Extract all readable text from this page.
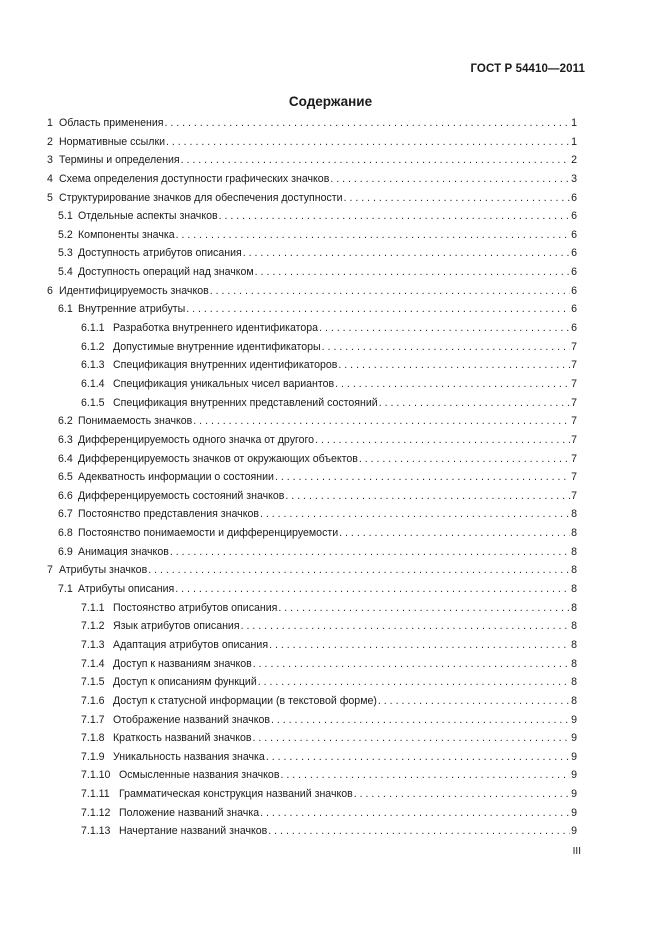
ГОСТ Р 54410—2011
Содержание
1 Область применения . . .	1
2 Нормативные ссылки . . .	1
3 Термины и определения . . .	2
4 Схема определения доступности графических значков . . .	3
5 Структурирование значков для обеспечения доступности . . .	6
5.1 Отдельные аспекты значков . . .	6
5.2 Компоненты значка . . .	6
5.3 Доступность атрибутов описания . . .	6
5.4 Доступность операций над значком . . .	6
6 Идентифицируемость значков . . .	6
6.1 Внутренние атрибуты . . .	6
6.1.1 Разработка внутреннего идентификатора . . .	6
6.1.2 Допустимые внутренние идентификаторы . . .	7
6.1.3 Спецификация внутренних идентификаторов . . .	7
6.1.4 Спецификация уникальных чисел вариантов . . .	7
6.1.5 Спецификация внутренних представлений состояний . . .	7
6.2 Понимаемость значков . . .	7
6.3 Дифференцируемость одного значка от другого . . .	7
6.4 Дифференцируемость значков от окружающих объектов . . .	7
6.5 Адекватность информации о состоянии . . .	7
6.6 Дифференцируемость состояний значков . . .	7
6.7 Постоянство представления значков . . .	8
6.8 Постоянство понимаемости и дифференцируемости . . .	8
6.9 Анимация значков . . .	8
7 Атрибуты значков . . .	8
7.1 Атрибуты описания . . .	8
7.1.1 Постоянство атрибутов описания . . .	8
7.1.2 Язык атрибутов описания . . .	8
7.1.3 Адаптация атрибутов описания . . .	8
7.1.4 Доступ к названиям значков . . .	8
7.1.5 Доступ к описаниям функций . . .	8
7.1.6 Доступ к статусной информации (в текстовой форме) . . .	8
7.1.7 Отображение названий значков . . .	9
7.1.8 Краткость названий значков . . .	9
7.1.9 Уникальность названия значка . . .	9
7.1.10 Осмысленные названия значков . . .	9
7.1.11 Грамматическая конструкция названий значков . . .	9
7.1.12 Положение названий значка . . .	9
7.1.13 Начертание названий значков . . .	9
III
